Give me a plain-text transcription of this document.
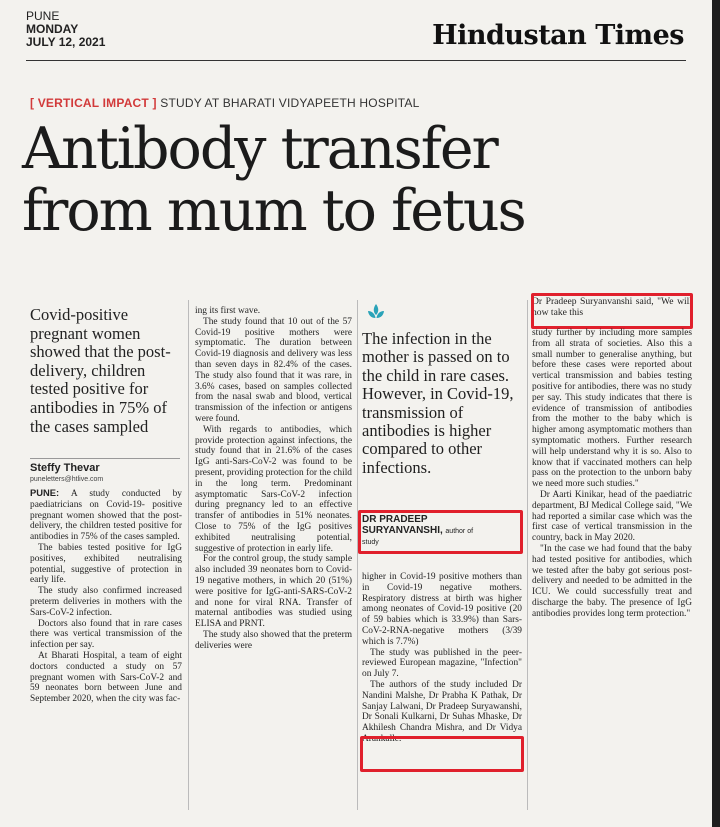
PUNE
MONDAY
JULY 12, 2021	Hindustan Times
[ VERTICAL IMPACT ] STUDY AT BHARATI VIDYAPEETH HOSPITAL
Antibody transfer
from mum to fetus
Covid-positive pregnant women showed that the post-delivery, children tested positive for antibodies in 75% of the cases sampled
Steffy Thevar
puneletters@htlive.com

PUNE: A study conducted by paediatricians on Covid-19- positive pregnant women showed that the post- delivery, the children tested positive for antibodies in 75% of the cases sampled.

The babies tested positive for IgG positives, exhibited neutralising potential, suggestive of protection in early life.

The study also confirmed increased preterm deliveries in mothers with the Sars-CoV-2 infection.

Doctors also found that in rare cases there was vertical transmission of the infection per say.

At Bharati Hospital, a team of eight doctors conducted a study on 57 pregnant women with Sars-CoV-2 and 59 neonates born between June and September 2020, when the city was fac-

ing its first wave.

The study found that 10 out of the 57 Covid-19 positive mothers were symptomatic. The duration between Covid-19 diagnosis and delivery was less than seven days in 82.4% of the cases. The study also found that it was rare, in 3.6% cases, based on samples collected from the nasal swab and blood, vertical transmission of the infection or antigens were found.

With regards to antibodies, which provide protection against infections, the study found that in 21.6% of the cases IgG anti-Sars-CoV-2 was found to be present, providing protection for the child in the long term. Predominant asymptomatic Sars-CoV-2 infection during pregnancy led to an effective transfer of antibodies in 51% neonates. Close to 75% of the IgG positives exhibited neutralising potential, suggestive of protection in early life.

For the control group, the study sample also included 39 neonates born to Covid-19 negative mothers, in which 20 (51%) were positive for IgG-anti-SARS-CoV-2 and none for viral RNA. Transfer of maternal antibodies was studied using ELISA and PRNT.

The study also showed that the preterm deliveries were

The infection in the mother is passed on to the child in rare cases. However, in Covid-19, transmission of antibodies is higher compared to other infections.
DR PRADEEP
SURYANVANSHI, author of
study

higher in Covid-19 positive mothers than in Covid-19 negative mothers. Respiratory distress at birth was higher among neonates of Covid-19 positive (20 of 59 babies which is 33.9%) than Sars-CoV-2-RNA-negative mothers (3/39 which is 7.7%)

The study was published in the peer-reviewed European magazine, "Infection" on July 7.

The authors of the study included Dr Nandini Malshe, Dr Prabha K Pathak, Dr Sanjay Lalwani, Dr Pradeep Suryawanshi, Dr Sonali Kulkarni, Dr Suhas Mhaske, Dr Akhilesh Chandra Mishra, and Dr Vidya Arankalle.

Dr Pradeep Suryanvanshi said, "We will now take this

study further by including more samples from all strata of societies. Also this a small number to generalise anything, but before these cases were reported about vertical transmission and babies testing positive for antibodies, there was no study per say. This study indicates that there is evidence of transmission of antibodies from the mother to the baby which is higher among asymptomatic mothers than symptomatic mothers. Further research will help understand why it is so. Also to know that if vaccinated mothers can help pass on the protection to the unborn baby we need more such studies."

Dr Aarti Kinikar, head of the paediatric department, BJ Medical College said, "We had reported a similar case which was the first case of vertical transmission in the country, back in May 2020.

"In the case we had found that the baby had tested positive for antibodies, which we tested after the baby got serious post-delivery and needed to be admitted in the ICU. We could successfully treat and discharge the baby. The presence of IgG antibodies provides long term protection."
